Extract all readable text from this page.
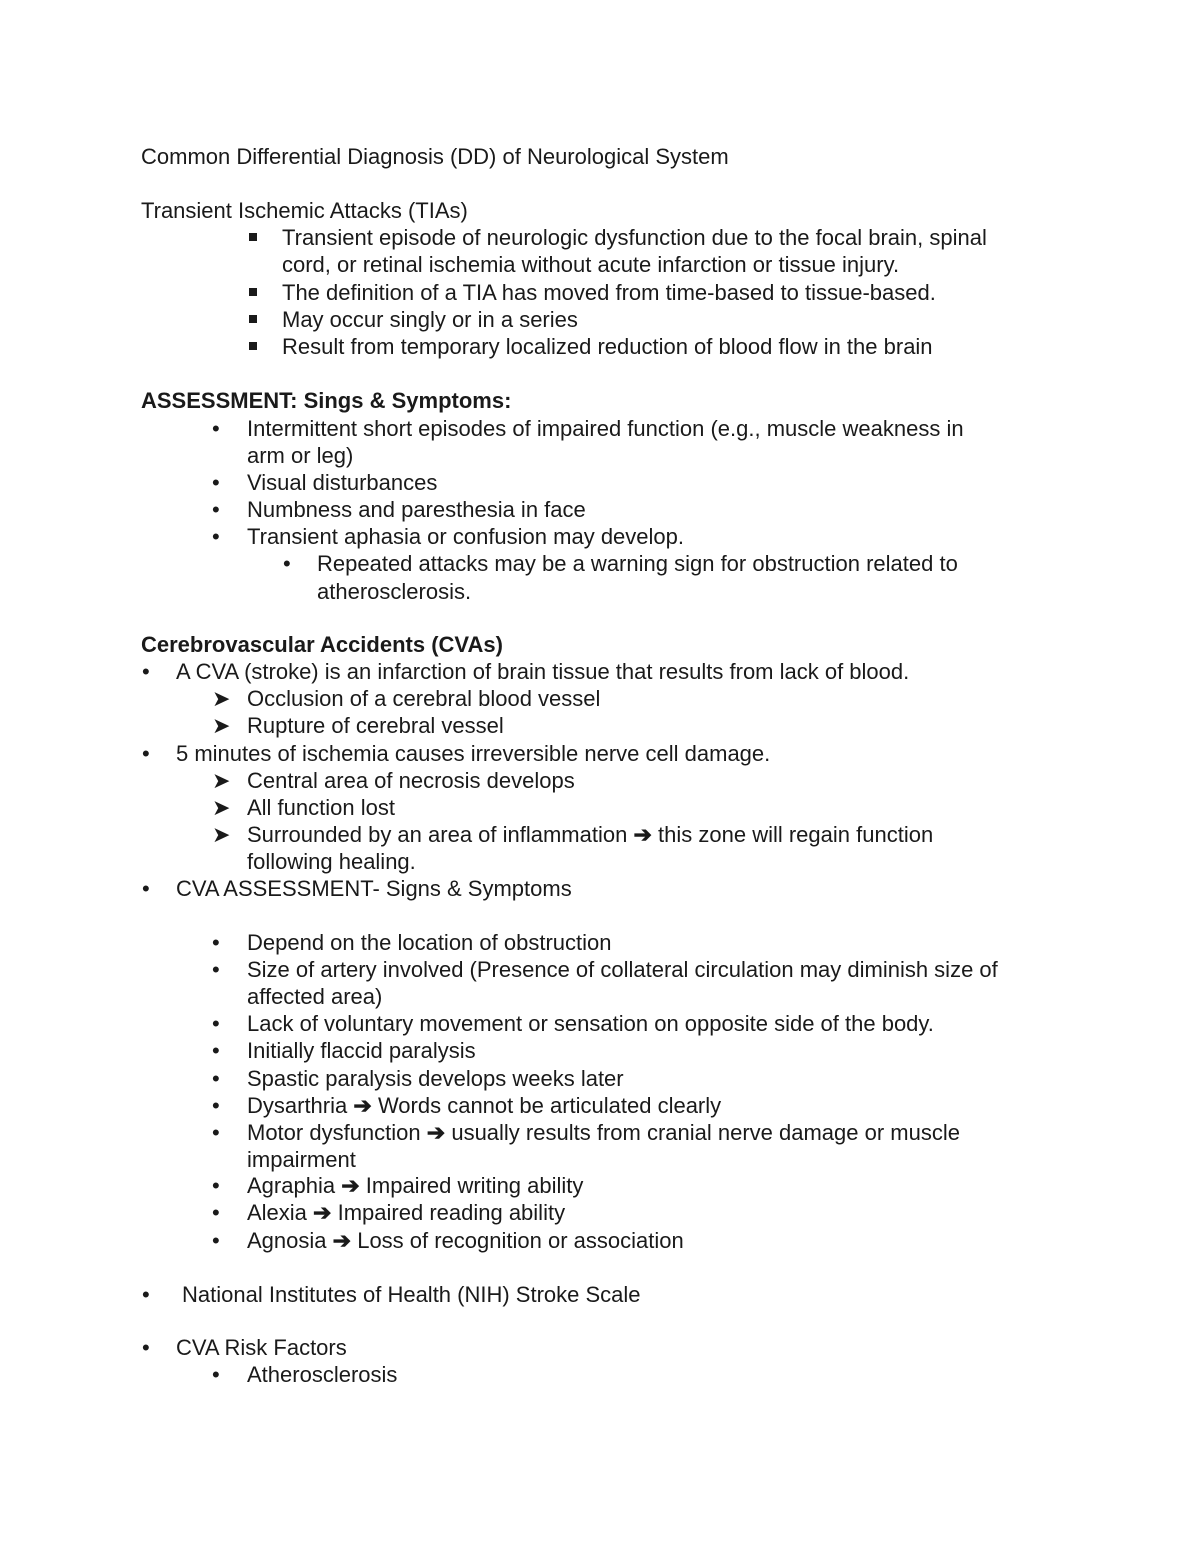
Common Differential Diagnosis (DD) of Neurological System
Transient Ischemic Attacks (TIAs)
Transient episode of neurologic dysfunction due to the focal brain, spinal
cord, or retinal ischemia without acute infarction or tissue injury.
The definition of a TIA has moved from time-based to tissue-based.
May occur singly or in a series
Result from temporary localized reduction of blood flow in the brain
ASSESSMENT: Sings & Symptoms:
• Intermittent short episodes of impaired function (e.g., muscle weakness in
arm or leg)
• Visual disturbances
• Numbness and paresthesia in face
• Transient aphasia or confusion may develop.
• Repeated attacks may be a warning sign for obstruction related to
atherosclerosis.
Cerebrovascular Accidents (CVAs)
• A CVA (stroke) is an infarction of brain tissue that results from lack of blood.
➤ Occlusion of a cerebral blood vessel
➤ Rupture of cerebral vessel
• 5 minutes of ischemia causes irreversible nerve cell damage.
➤ Central area of necrosis develops
➤ All function lost
➤ Surrounded by an area of inflammation ➔ this zone will regain function
following healing.
• CVA ASSESSMENT- Signs & Symptoms
• Depend on the location of obstruction
• Size of artery involved (Presence of collateral circulation may diminish size of
affected area)
• Lack of voluntary movement or sensation on opposite side of the body.
• Initially flaccid paralysis
• Spastic paralysis develops weeks later
• Dysarthria ➔ Words cannot be articulated clearly
• Motor dysfunction ➔ usually results from cranial nerve damage or muscle
impairment
• Agraphia ➔ Impaired writing ability
• Alexia ➔ Impaired reading ability
• Agnosia ➔ Loss of recognition or association
• National Institutes of Health (NIH) Stroke Scale
• CVA Risk Factors
• Atherosclerosis
